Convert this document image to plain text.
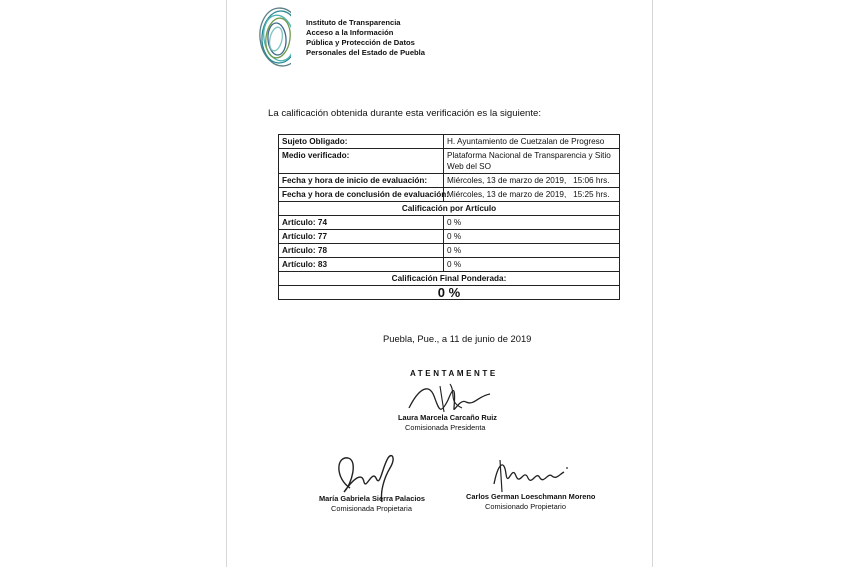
Instituto de Transparencia
Acceso a la Información
Pública y Protección de Datos
Personales del Estado de Puebla
La calificación obtenida durante esta verificación es la siguiente:
Sujeto Obligado:	H. Ayuntamiento de Cuetzalan de Progreso
Medio verificado:	Plataforma Nacional de Transparencia y Sitio
Web del SO
Fecha y hora de inicio de evaluación:	Miércoles, 13 de marzo de 2019,   15:06 hrs.
Fecha y hora de conclusión de evaluación:	Miércoles, 13 de marzo de 2019,   15:25 hrs.
Calificación por Artículo	
Artículo: 74	0 %
Artículo: 77	0 %
Artículo: 78	0 %
Artículo: 83	0 %
Calificación Final Ponderada:	
0 %	
Puebla, Pue., a 11 de junio de 2019
ATENTAMENTE
Laura Marcela Carcaño Ruiz
Comisionada Presidenta
María Gabriela Sierra Palacios
Comisionada Propietaria
Carlos German Loeschmann Moreno
Comisionado Propietario
